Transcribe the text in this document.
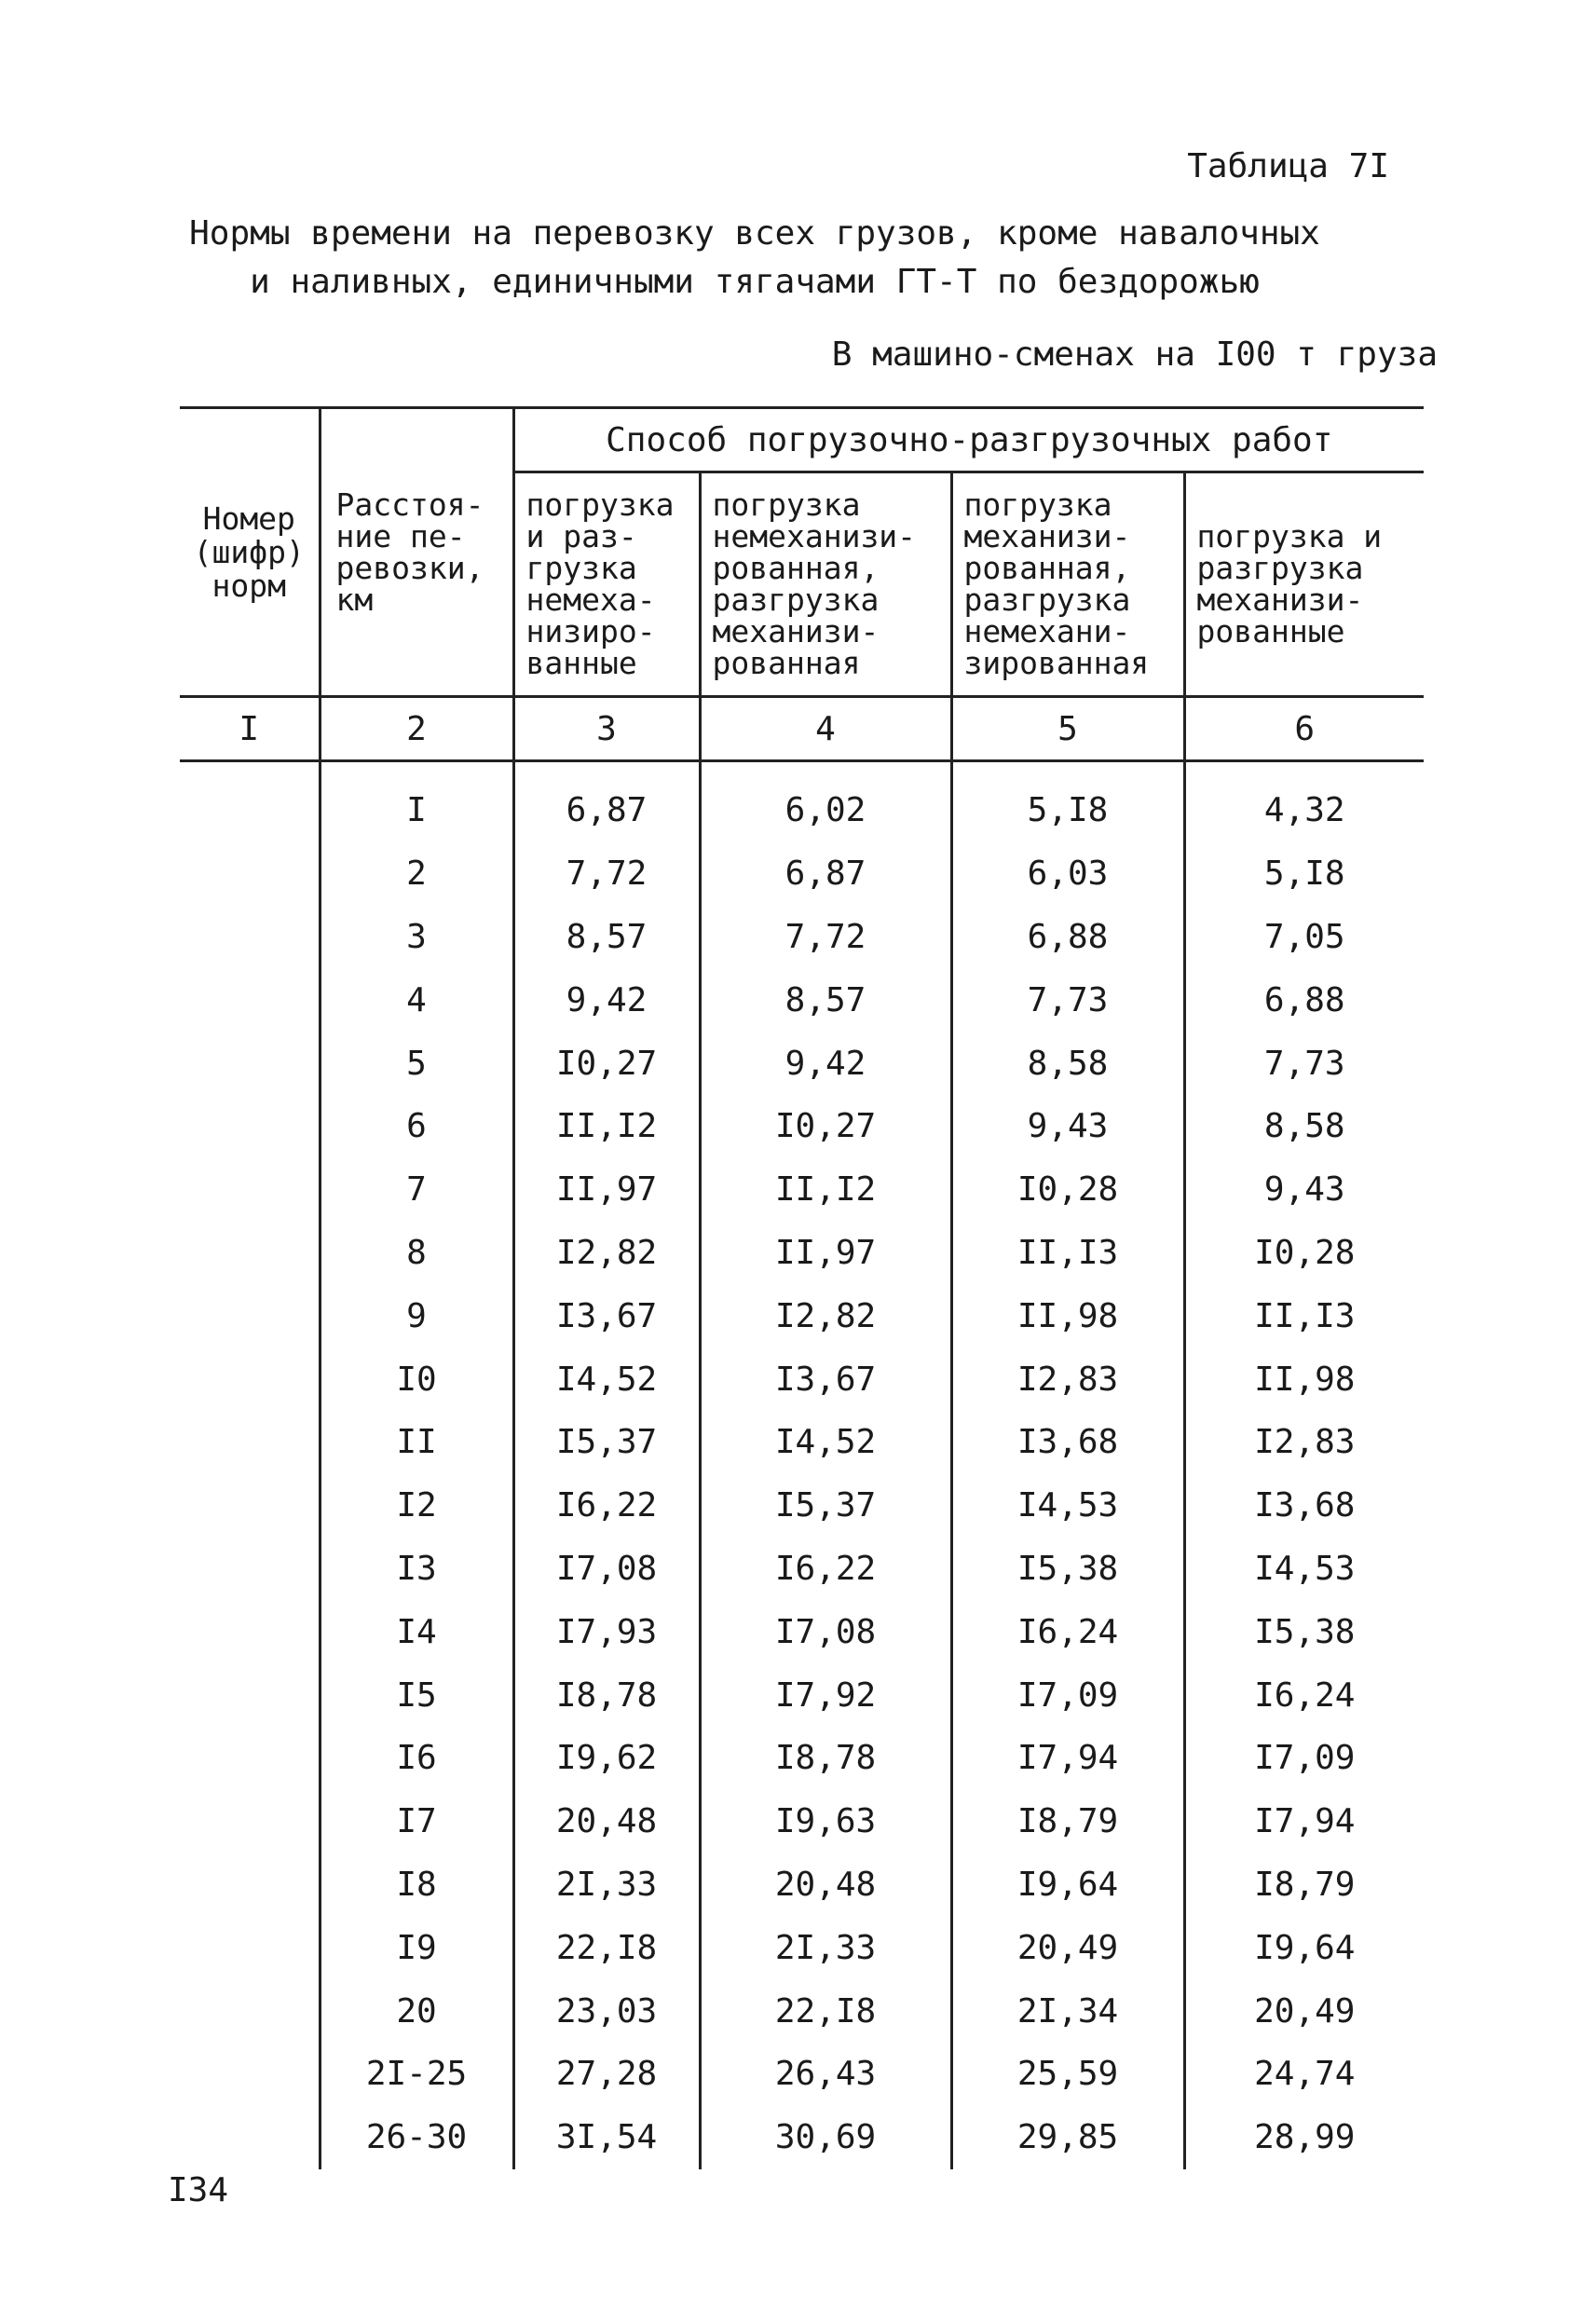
Таблица 7I
Нормы времени на перевозку всех грузов, кроме навалочных
и наливных, единичными тягачами ГТ-Т по бездорожью
В машино-сменах на I00 т груза
Номер (шифр) норм	Расстоя-ние пе-ревозки, км	Способ погрузочно-разгрузочных работ			
		погрузка и раз-грузка немеха-низиро-ванные	погрузка немеханизи-рованная, разгрузка механизи-рованная	погрузка механизи-рованная, разгрузка немехани-зированная	погрузка и разгрузка механизи-рованные
I	2	3	4	5	6
	I	6,87	6,02	5,I8	4,32
	2	7,72	6,87	6,03	5,I8
	3	8,57	7,72	6,88	7,05
	4	9,42	8,57	7,73	6,88
	5	I0,27	9,42	8,58	7,73
	6	II,I2	I0,27	9,43	8,58
	7	II,97	II,I2	I0,28	9,43
	8	I2,82	II,97	II,I3	I0,28
	9	I3,67	I2,82	II,98	II,I3
	I0	I4,52	I3,67	I2,83	II,98
	II	I5,37	I4,52	I3,68	I2,83
	I2	I6,22	I5,37	I4,53	I3,68
	I3	I7,08	I6,22	I5,38	I4,53
	I4	I7,93	I7,08	I6,24	I5,38
	I5	I8,78	I7,92	I7,09	I6,24
	I6	I9,62	I8,78	I7,94	I7,09
	I7	20,48	I9,63	I8,79	I7,94
	I8	2I,33	20,48	I9,64	I8,79
	I9	22,I8	2I,33	20,49	I9,64
	20	23,03	22,I8	2I,34	20,49
	2I-25	27,28	26,43	25,59	24,74
	26-30	3I,54	30,69	29,85	28,99
I34
